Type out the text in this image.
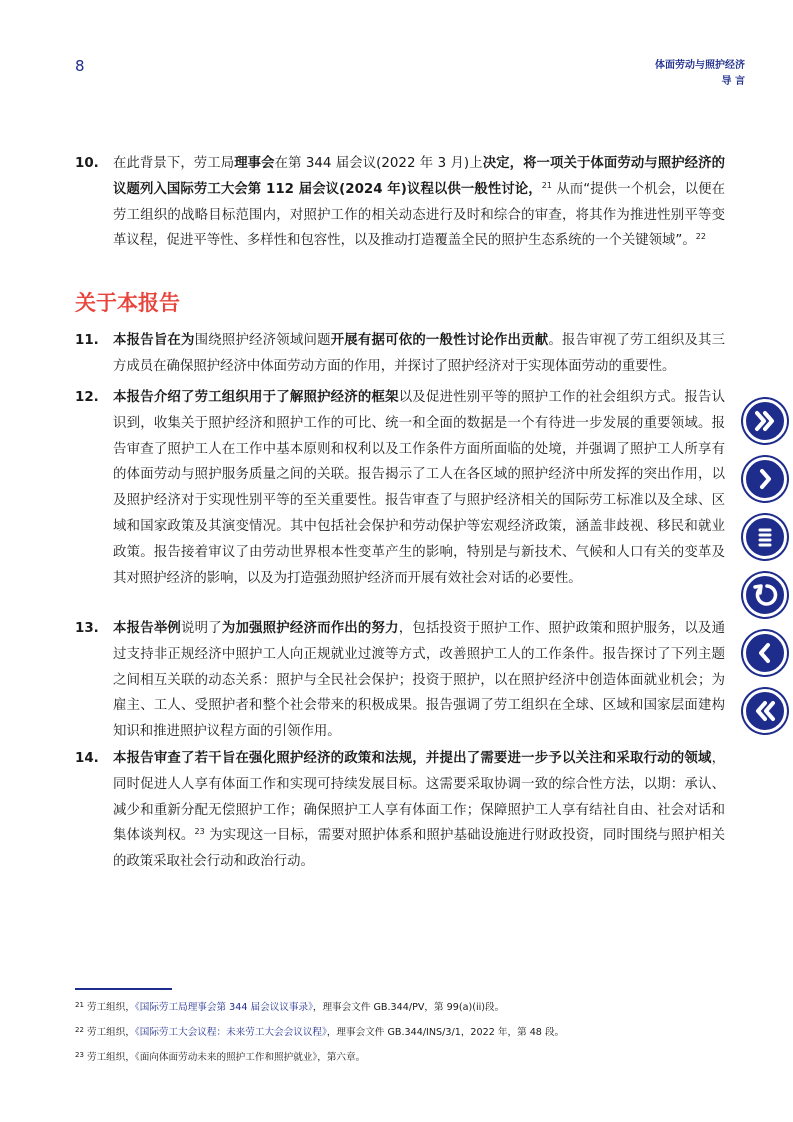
8	体面劳动与照护经济
导 言
10. 在此背景下，劳工局理事会在第 344 届会议(2022 年 3 月)上决定，将一项关于体面劳动与照护经济的议题列入国际劳工大会第 112 届会议(2024 年)议程以供一般性讨论，$^{21}$ 从而“提供一个机会，以便在劳工组织的战略目标范围内，对照护工作的相关动态进行及时和综合的审查，将其作为推进性别平等变革议程，促进平等性、多样性和包容性，以及推动打造覆盖全民的照护生态系统的一个关键领域”。$^{22}$
关于本报告
11. 本报告旨在为围绕照护经济领域问题开展有据可依的一般性讨论作出贡献。报告审视了劳工组织及其三方成员在确保照护经济中体面劳动方面的作用，并探讨了照护经济对于实现体面劳动的重要性。
12. 本报告介绍了劳工组织用于了解照护经济的框架以及促进性别平等的照护工作的社会组织方式。报告认识到，收集关于照护经济和照护工作的可比、统一和全面的数据是一个有待进一步发展的重要领域。报告审查了照护工人在工作中基本原则和权利以及工作条件方面所面临的处境，并强调了照护工人所享有的体面劳动与照护服务质量之间的关联。报告揭示了工人在各区域的照护经济中所发挥的突出作用，以及照护经济对于实现性别平等的至关重要性。报告审查了与照护经济相关的国际劳工标准以及全球、区域和国家政策及其演变情况。其中包括社会保护和劳动保护等宏观经济政策，涵盖非歧视、移民和就业政策。报告接着审议了由劳动世界根本性变革产生的影响，特别是与新技术、气候和人口有关的变革及其对照护经济的影响，以及为打造强劲照护经济而开展有效社会对话的必要性。
13. 本报告举例说明了为加强照护经济而作出的努力，包括投资于照护工作、照护政策和照护服务，以及通过支持非正规经济中照护工人向正规就业过渡等方式，改善照护工人的工作条件。报告探讨了下列主题之间相互关联的动态关系：照护与全民社会保护；投资于照护，以在照护经济中创造体面就业机会；为雇主、工人、受照护者和整个社会带来的积极成果。报告强调了劳工组织在全球、区域和国家层面建构知识和推进照护议程方面的引领作用。
14. 本报告审查了若干旨在强化照护经济的政策和法规，并提出了需要进一步予以关注和采取行动的领域，同时促进人人享有体面工作和实现可持续发展目标。这需要采取协调一致的综合性方法，以期：承认、减少和重新分配无偿照护工作；确保照护工人享有体面工作；保障照护工人享有结社自由、社会对话和集体谈判权。$^{23}$ 为实现这一目标，需要对照护体系和照护基础设施进行财政投资，同时围绕与照护相关的政策采取社会行动和政治行动。
$^{21}$ 劳工组织，《国际劳工局理事会第 344 届会议议事录》，理事会文件 GB.344/PV，第 99(a)(ii)段。
$^{22}$ 劳工组织，《国际劳工大会议程：未来劳工大会会议议程》，理事会文件 GB.344/INS/3/1，2022 年，第 48 段。
$^{23}$ 劳工组织，《面向体面劳动未来的照护工作和照护就业》，第六章。
